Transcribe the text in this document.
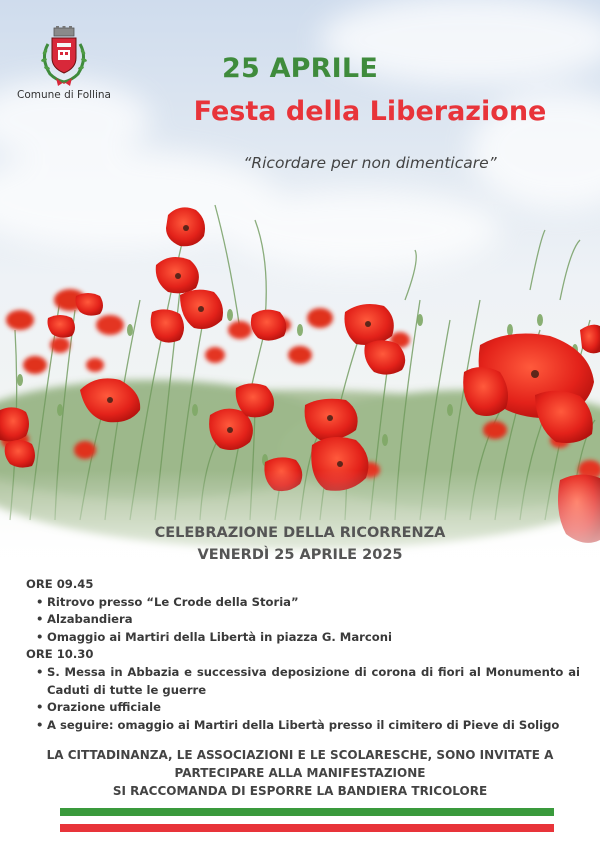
Comune di Follina
25 APRILE
Festa della Liberazione
“Ricordare per non dimenticare”
CELEBRAZIONE DELLA RICORRENZA
VENERDÌ 25 APRILE 2025
ORE 09.45
• Ritrovo presso “Le Crode della Storia”
• Alzabandiera
• Omaggio ai Martiri della Libertà in piazza G. Marconi
ORE 10.30
• S. Messa in Abbazia e successiva deposizione di corona di fiori al Monumento ai Caduti di tutte le guerre
• Orazione ufficiale
• A seguire: omaggio ai Martiri della Libertà presso il cimitero di Pieve di Soligo
LA CITTADINANZA, LE ASSOCIAZIONI E LE SCOLARESCHE, SONO INVITATE A
PARTECIPARE ALLA MANIFESTAZIONE
SI RACCOMANDA DI ESPORRE LA BANDIERA TRICOLORE
